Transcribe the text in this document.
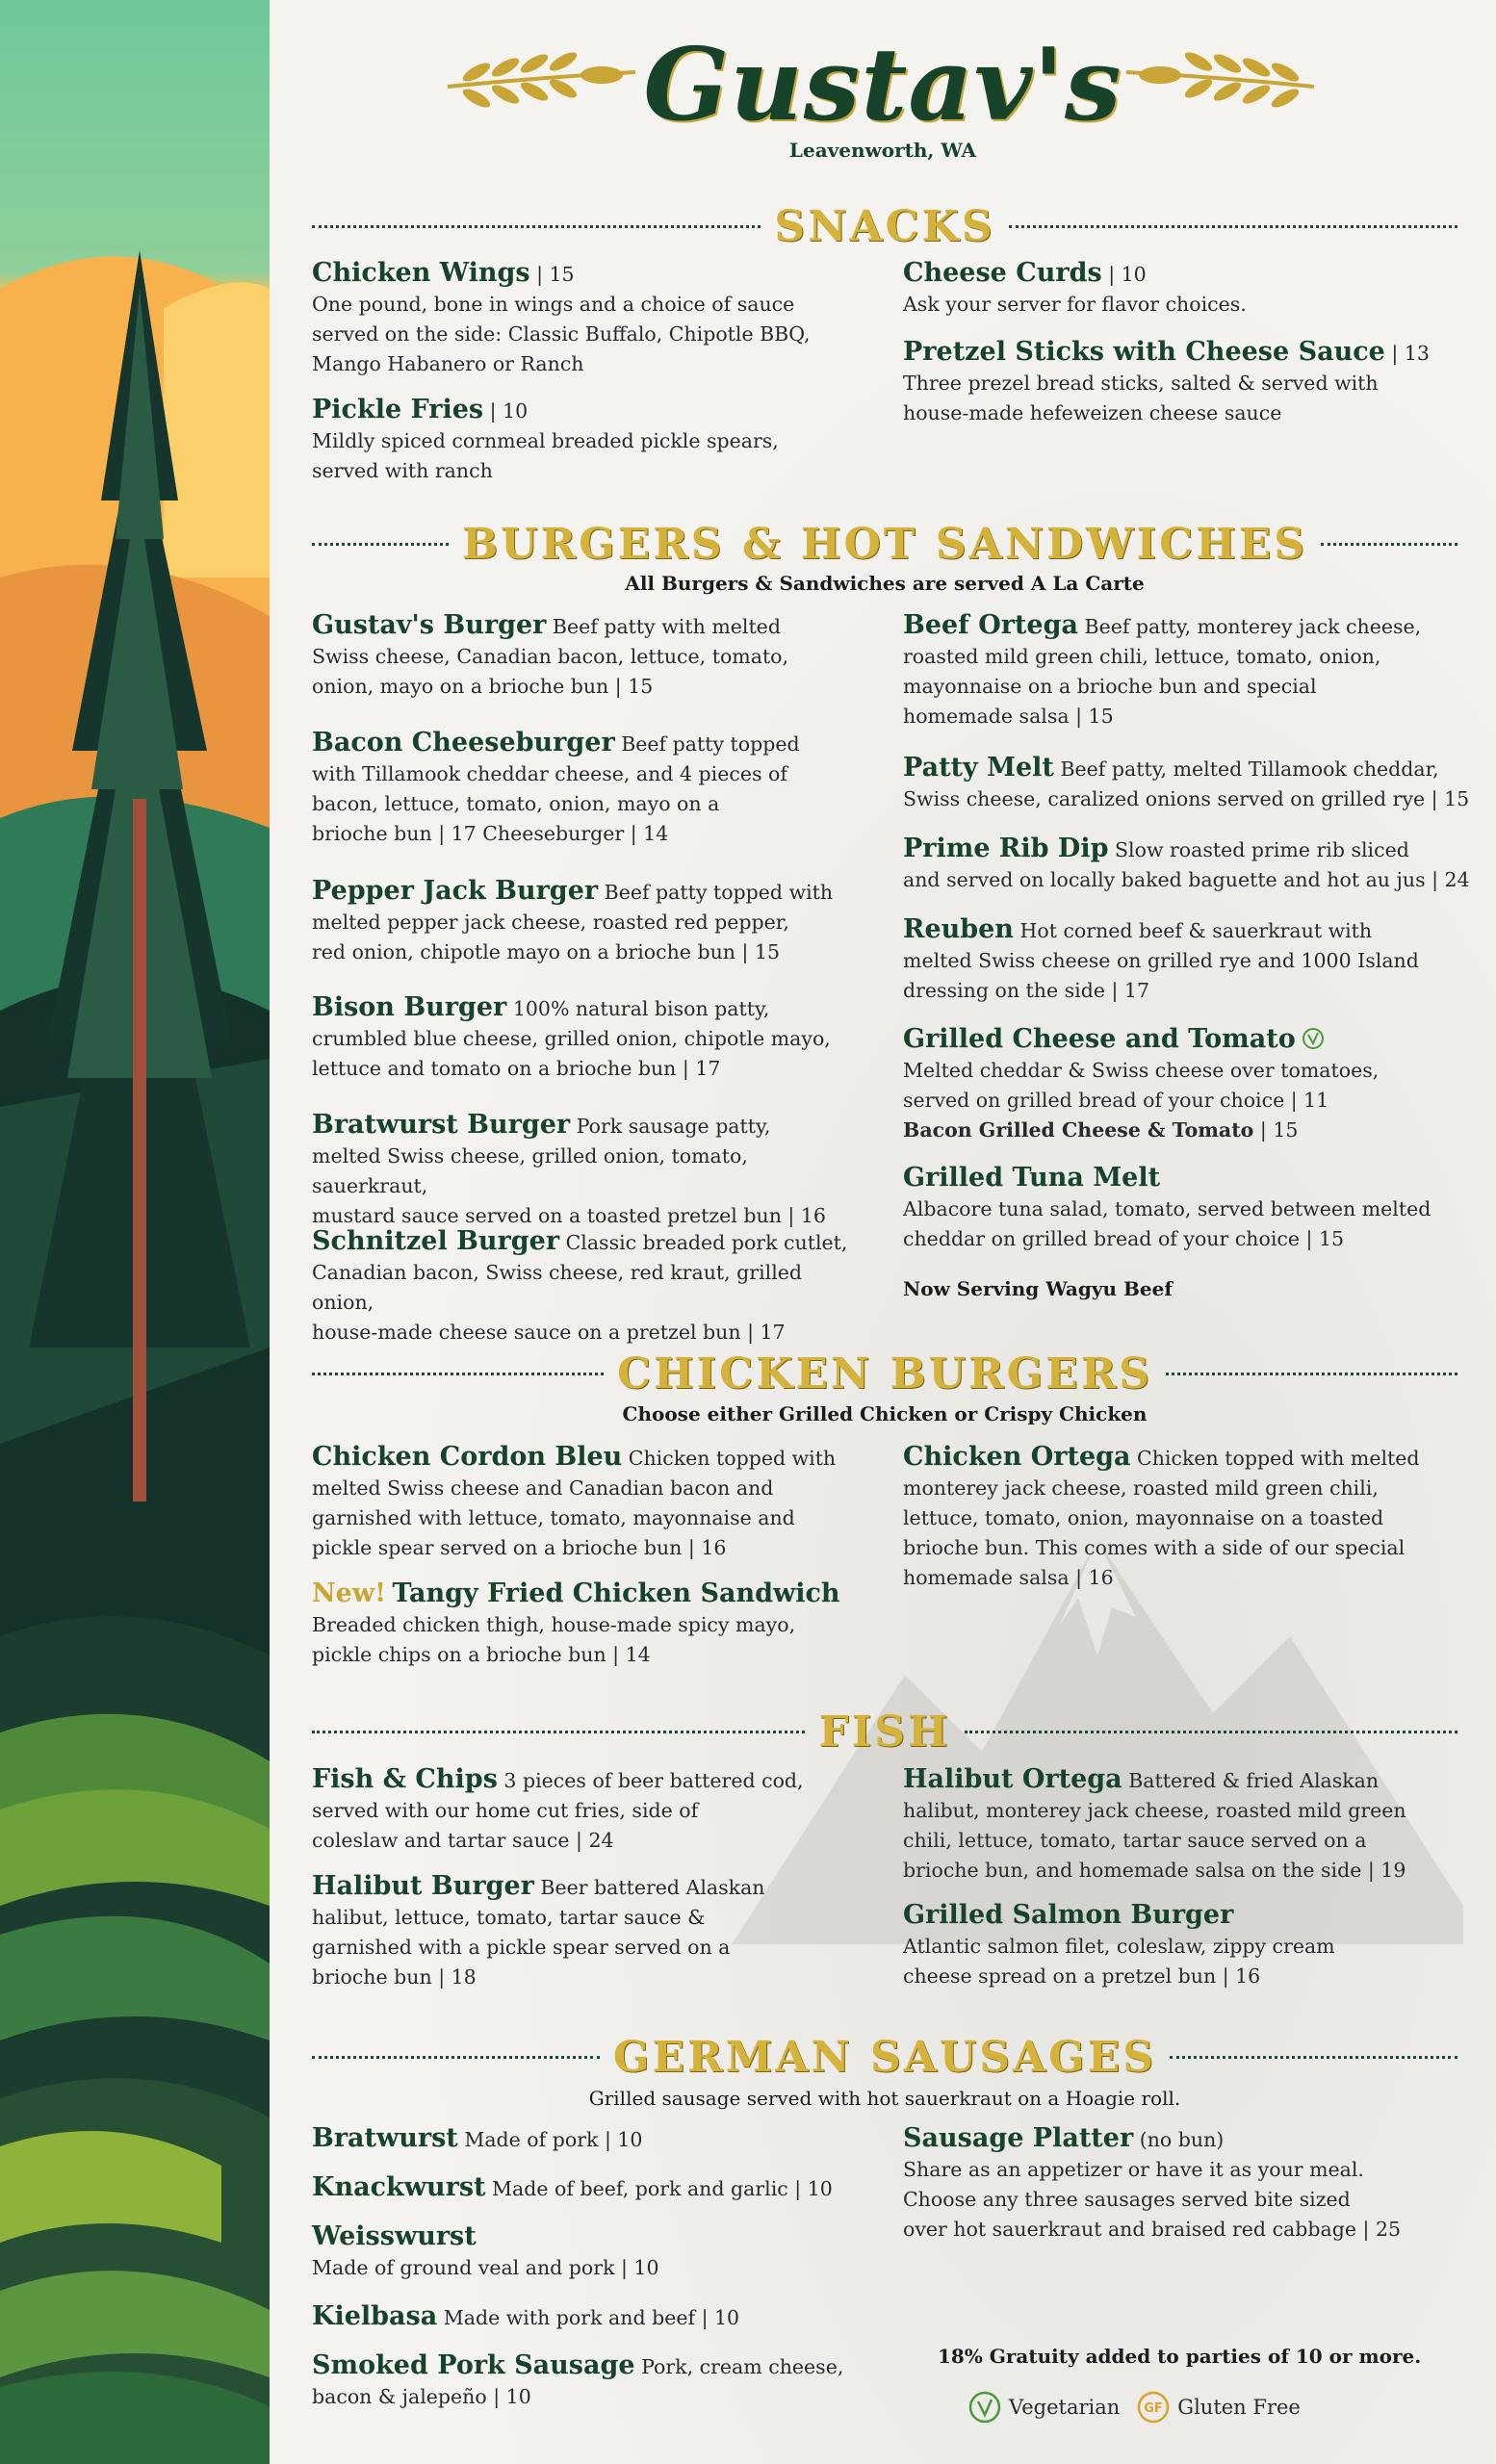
Gustav's
Leavenworth, WA
SNACKS
Chicken Wings | 15
One pound, bone in wings and a choice of sauce
served on the side: Classic Buffalo, Chipotle BBQ,
Mango Habanero or Ranch
Pickle Fries | 10
Mildly spiced cornmeal breaded pickle spears,
served with ranch
Cheese Curds | 10
Ask your server for flavor choices.
Pretzel Sticks with Cheese Sauce | 13
Three prezel bread sticks, salted & served with
house-made hefeweizen cheese sauce
BURGERS & HOT SANDWICHES
All Burgers & Sandwiches are served A La Carte
Gustav's Burger Beef patty with melted
Swiss cheese, Canadian bacon, lettuce, tomato,
onion, mayo on a brioche bun | 15
Bacon Cheeseburger Beef patty topped
with Tillamook cheddar cheese, and 4 pieces of
bacon, lettuce, tomato, onion, mayo on a
brioche bun | 17 Cheeseburger | 14
Pepper Jack Burger Beef patty topped with
melted pepper jack cheese, roasted red pepper,
red onion, chipotle mayo on a brioche bun | 15
Bison Burger 100% natural bison patty,
crumbled blue cheese, grilled onion, chipotle mayo,
lettuce and tomato on a brioche bun | 17
Bratwurst Burger Pork sausage patty,
melted Swiss cheese, grilled onion, tomato, sauerkraut,
mustard sauce served on a toasted pretzel bun | 16
Schnitzel Burger Classic breaded pork cutlet,
Canadian bacon, Swiss cheese, red kraut, grilled onion,
house-made cheese sauce on a pretzel bun | 17
Beef Ortega Beef patty, monterey jack cheese,
roasted mild green chili, lettuce, tomato, onion,
mayonnaise on a brioche bun and special
homemade salsa | 15
Patty Melt Beef patty, melted Tillamook cheddar,
Swiss cheese, caralized onions served on grilled rye | 15
Prime Rib Dip Slow roasted prime rib sliced
and served on locally baked baguette and hot au jus | 24
Reuben Hot corned beef & sauerkraut with
melted Swiss cheese on grilled rye and 1000 Island
dressing on the side | 17
Grilled Cheese and Tomato
Melted cheddar & Swiss cheese over tomatoes,
served on grilled bread of your choice | 11
Bacon Grilled Cheese & Tomato | 15
Grilled Tuna Melt
Albacore tuna salad, tomato, served between melted
cheddar on grilled bread of your choice | 15
Now Serving Wagyu Beef
CHICKEN BURGERS
Choose either Grilled Chicken or Crispy Chicken
Chicken Cordon Bleu Chicken topped with
melted Swiss cheese and Canadian bacon and
garnished with lettuce, tomato, mayonnaise and
pickle spear served on a brioche bun | 16
New! Tangy Fried Chicken Sandwich
Breaded chicken thigh, house-made spicy mayo,
pickle chips on a brioche bun | 14
Chicken Ortega Chicken topped with melted
monterey jack cheese, roasted mild green chili,
lettuce, tomato, onion, mayonnaise on a toasted
brioche bun. This comes with a side of our special
homemade salsa | 16
FISH
Fish & Chips 3 pieces of beer battered cod,
served with our home cut fries, side of
coleslaw and tartar sauce | 24
Halibut Burger Beer battered Alaskan
halibut, lettuce, tomato, tartar sauce &
garnished with a pickle spear served on a
brioche bun | 18
Halibut Ortega Battered & fried Alaskan
halibut, monterey jack cheese, roasted mild green
chili, lettuce, tomato, tartar sauce served on a
brioche bun, and homemade salsa on the side | 19
Grilled Salmon Burger
Atlantic salmon filet, coleslaw, zippy cream
cheese spread on a pretzel bun | 16
GERMAN SAUSAGES
Grilled sausage served with hot sauerkraut on a Hoagie roll.
Bratwurst Made of pork | 10
Knackwurst Made of beef, pork and garlic | 10
Weisswurst
Made of ground veal and pork | 10
Kielbasa Made with pork and beef | 10
Smoked Pork Sausage Pork, cream cheese,
bacon & jalepeño | 10
Sausage Platter (no bun)
Share as an appetizer or have it as your meal.
Choose any three sausages served bite sized
over hot sauerkraut and braised red cabbage | 25
18% Gratuity added to parties of 10 or more.
Vegetarian GF Gluten Free
